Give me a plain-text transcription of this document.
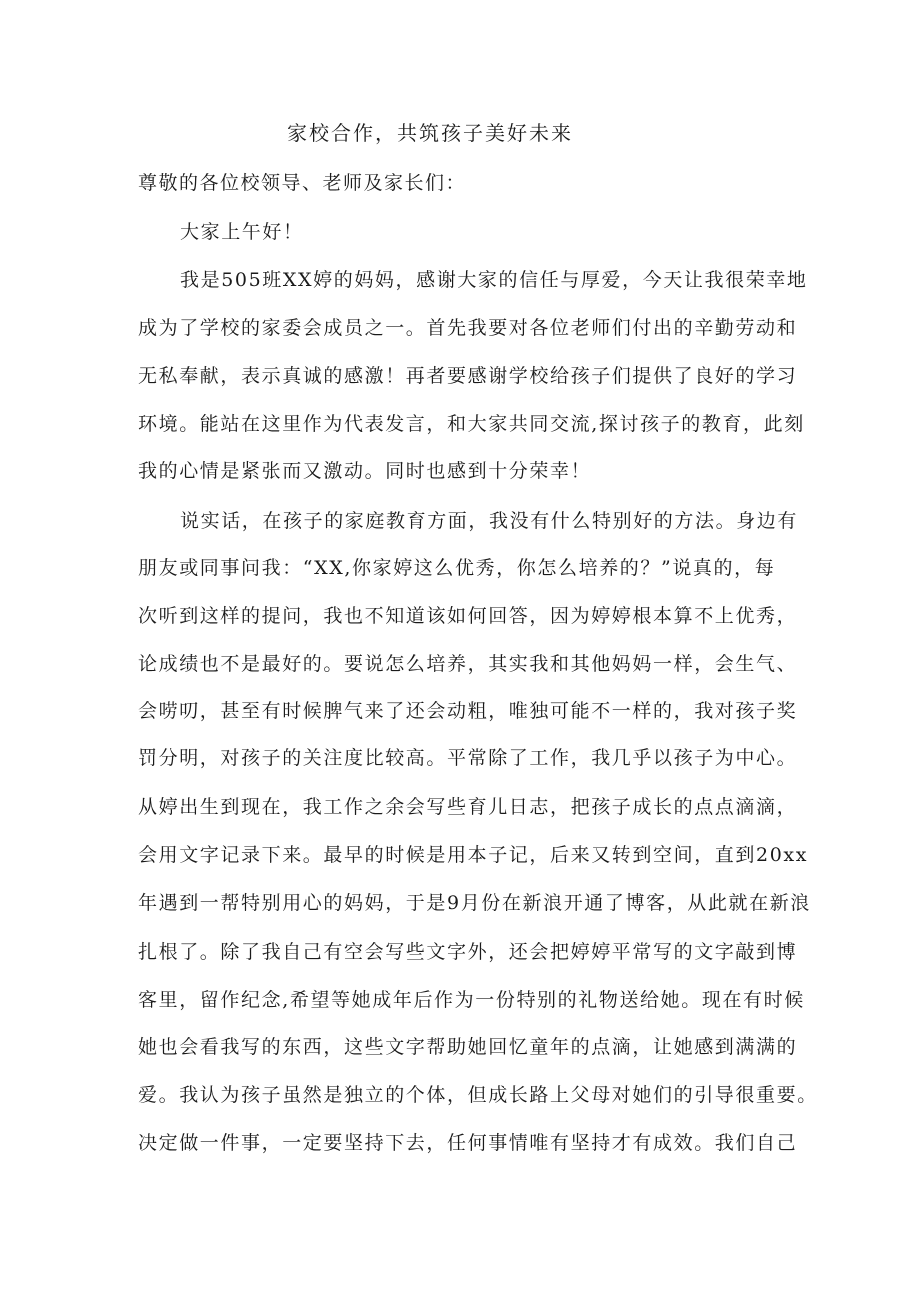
家校合作，共筑孩子美好未来
尊敬的各位校领导、老师及家长们：
大家上午好！
我是505班XX婷的妈妈，感谢大家的信任与厚爱，今天让我很荣幸地
成为了学校的家委会成员之一。首先我要对各位老师们付出的辛勤劳动和
无私奉献，表示真诚的感激！再者要感谢学校给孩子们提供了良好的学习
环境。能站在这里作为代表发言，和大家共同交流,探讨孩子的教育，此刻
我的心情是紧张而又激动。同时也感到十分荣幸！
说实话，在孩子的家庭教育方面，我没有什么特别好的方法。身边有
朋友或同事问我：“XX,你家婷这么优秀，你怎么培养的？”说真的，每
次听到这样的提问，我也不知道该如何回答，因为婷婷根本算不上优秀，
论成绩也不是最好的。要说怎么培养，其实我和其他妈妈一样，会生气、
会唠叨，甚至有时候脾气来了还会动粗，唯独可能不一样的，我对孩子奖
罚分明，对孩子的关注度比较高。平常除了工作，我几乎以孩子为中心。
从婷出生到现在，我工作之余会写些育儿日志，把孩子成长的点点滴滴，
会用文字记录下来。最早的时候是用本子记，后来又转到空间，直到20xx
年遇到一帮特别用心的妈妈，于是9月份在新浪开通了博客，从此就在新浪
扎根了。除了我自己有空会写些文字外，还会把婷婷平常写的文字敲到博
客里，留作纪念,希望等她成年后作为一份特别的礼物送给她。现在有时候
她也会看我写的东西，这些文字帮助她回忆童年的点滴，让她感到满满的
爱。我认为孩子虽然是独立的个体，但成长路上父母对她们的引导很重要。
决定做一件事，一定要坚持下去，任何事情唯有坚持才有成效。我们自己
